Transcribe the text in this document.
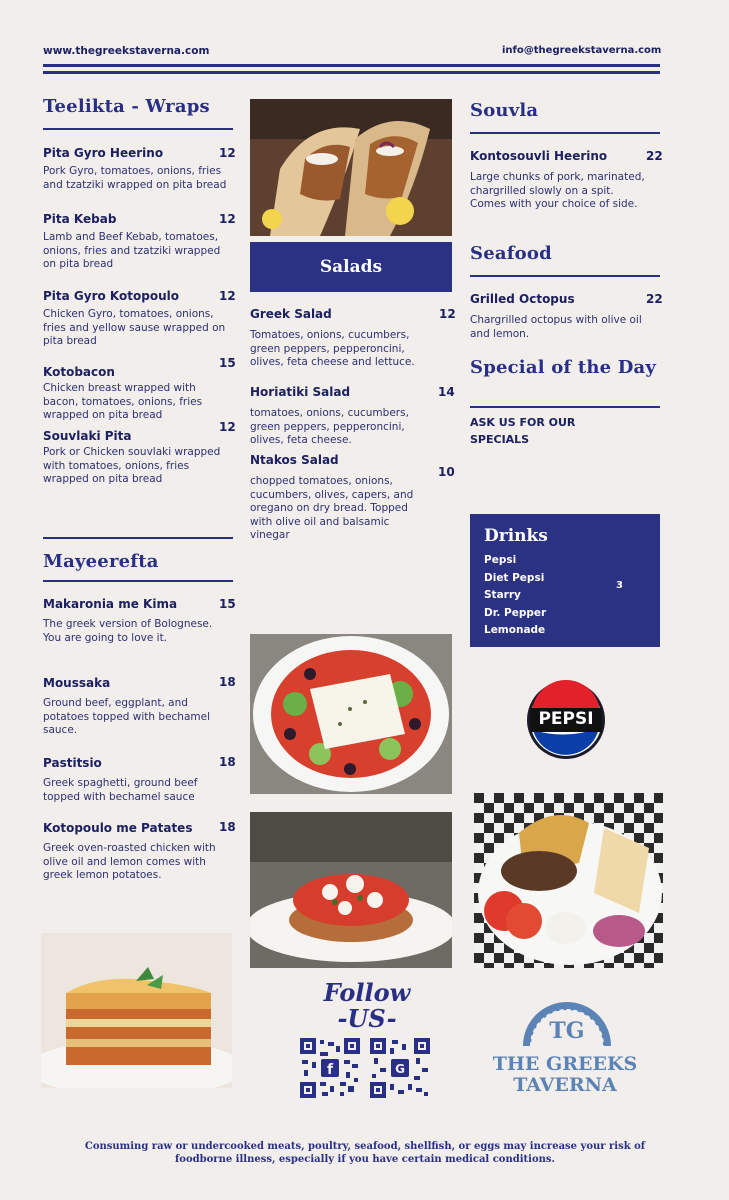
www.thegreekstaverna.com	info@thegreekstaverna.com
Teelikta - Wraps
Pita Gyro Heerino
Pork Gyro, tomatoes, onions, fries and tzatziki wrapped on pita bread
12
Pita Kebab
Lamb and Beef Kebab, tomatoes, onions, fries and tzatziki wrapped on pita bread
12
Pita Gyro Kotopoulo
Chicken Gyro, tomatoes, onions, fries and yellow sause wrapped on pita bread
12
Kotobacon
Chicken breast wrapped with bacon, tomatoes, onions, fries wrapped on pita bread
15
Souvlaki Pita
Pork or Chicken souvlaki wrapped with tomatoes, onions, fries wrapped on pita bread
12
Mayeerefta
Makaronia me Kima
The greek version of Bolognese. You are going to love it.
15
Moussaka
Ground beef, eggplant, and potatoes topped with bechamel sauce.
18
Pastitsio
Greek spaghetti, ground beef topped with bechamel sauce
18
Kotopoulo me Patates
Greek oven-roasted chicken with olive oil and lemon comes with greek lemon potatoes.
18
Salads
Greek Salad
Tomatoes, onions, cucumbers, green peppers, pepperoncini, olives, feta cheese and lettuce.
12
Horiatiki Salad
tomatoes, onions, cucumbers, green peppers, pepperoncini, olives, feta cheese.
14
Ntakos Salad
chopped tomatoes, onions, cucumbers, olives, capers, and oregano on dry bread. Topped with olive oil and balsamic vinegar
10
Follow
-US-
f	G
Souvla
Kontosouvli Heerino
Large chunks of pork, marinated, chargrilled slowly on a spit. Comes with your choice of side.
22
Seafood
Grilled Octopus
Chargrilled octopus with olive oil and lemon.
22
Special of the Day
ASK US FOR OUR SPECIALS
Drinks
Pepsi
Diet Pepsi
Starry
Dr. Pepper
Lemonade
3
PEPSI
TG
THE GREEKS
TAVERNA
Consuming raw or undercooked meats, poultry, seafood, shellfish, or eggs may increase your risk of foodborne illness, especially if you have certain medical conditions.
